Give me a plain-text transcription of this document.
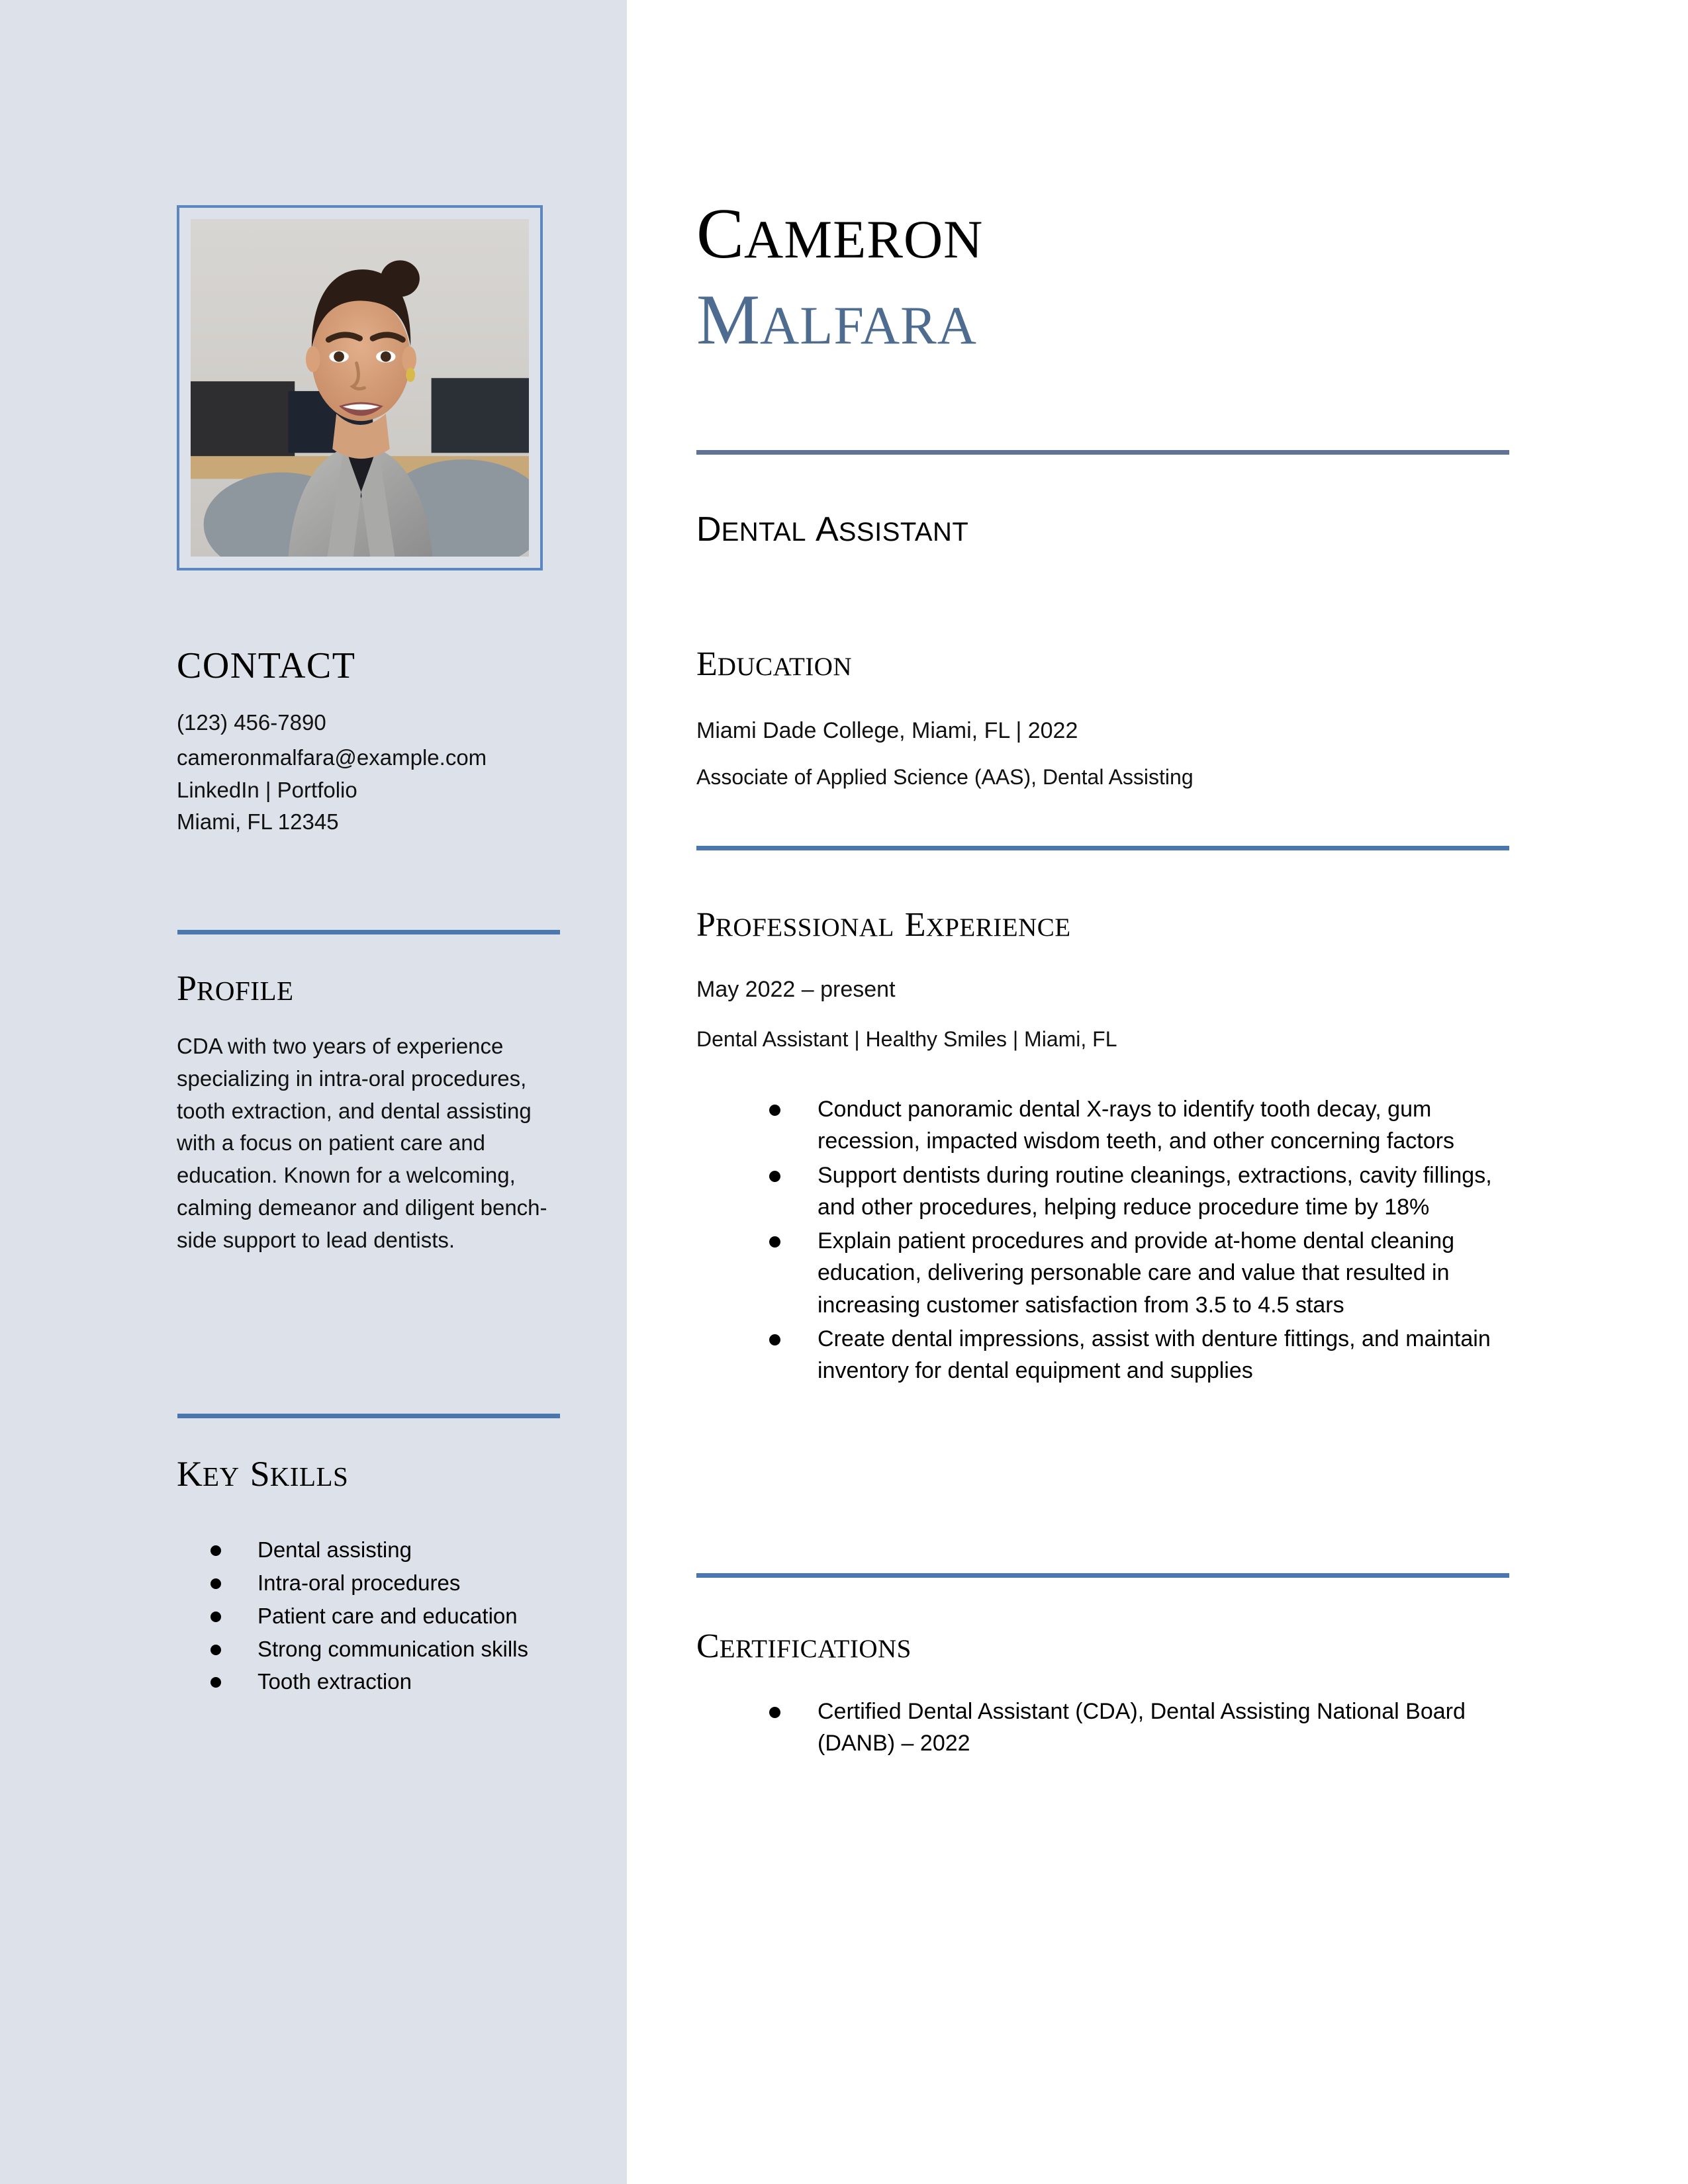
CONTACT
(123) 456-7890
cameronmalfara@example.com
LinkedIn | Portfolio
Miami, FL 12345
PROFILE
CDA with two years of experience specializing in intra-oral procedures, tooth extraction, and dental assisting with a focus on patient care and education. Known for a welcoming, calming demeanor and diligent bench-side support to lead dentists.
KEY SKILLS
Dental assisting
Intra-oral procedures
Patient care and education
Strong communication skills
Tooth extraction
CAMERON
MALFARA
DENTAL ASSISTANT
EDUCATION
Miami Dade College, Miami, FL | 2022
Associate of Applied Science (AAS), Dental Assisting
PROFESSIONAL EXPERIENCE
May 2022 – present
Dental Assistant | Healthy Smiles | Miami, FL
Conduct panoramic dental X-rays to identify tooth decay, gum recession, impacted wisdom teeth, and other concerning factors
Support dentists during routine cleanings, extractions, cavity fillings, and other procedures, helping reduce procedure time by 18%
Explain patient procedures and provide at-home dental cleaning education, delivering personable care and value that resulted in increasing customer satisfaction from 3.5 to 4.5 stars
Create dental impressions, assist with denture fittings, and maintain inventory for dental equipment and supplies
CERTIFICATIONS
Certified Dental Assistant (CDA), Dental Assisting National Board (DANB) – 2022
